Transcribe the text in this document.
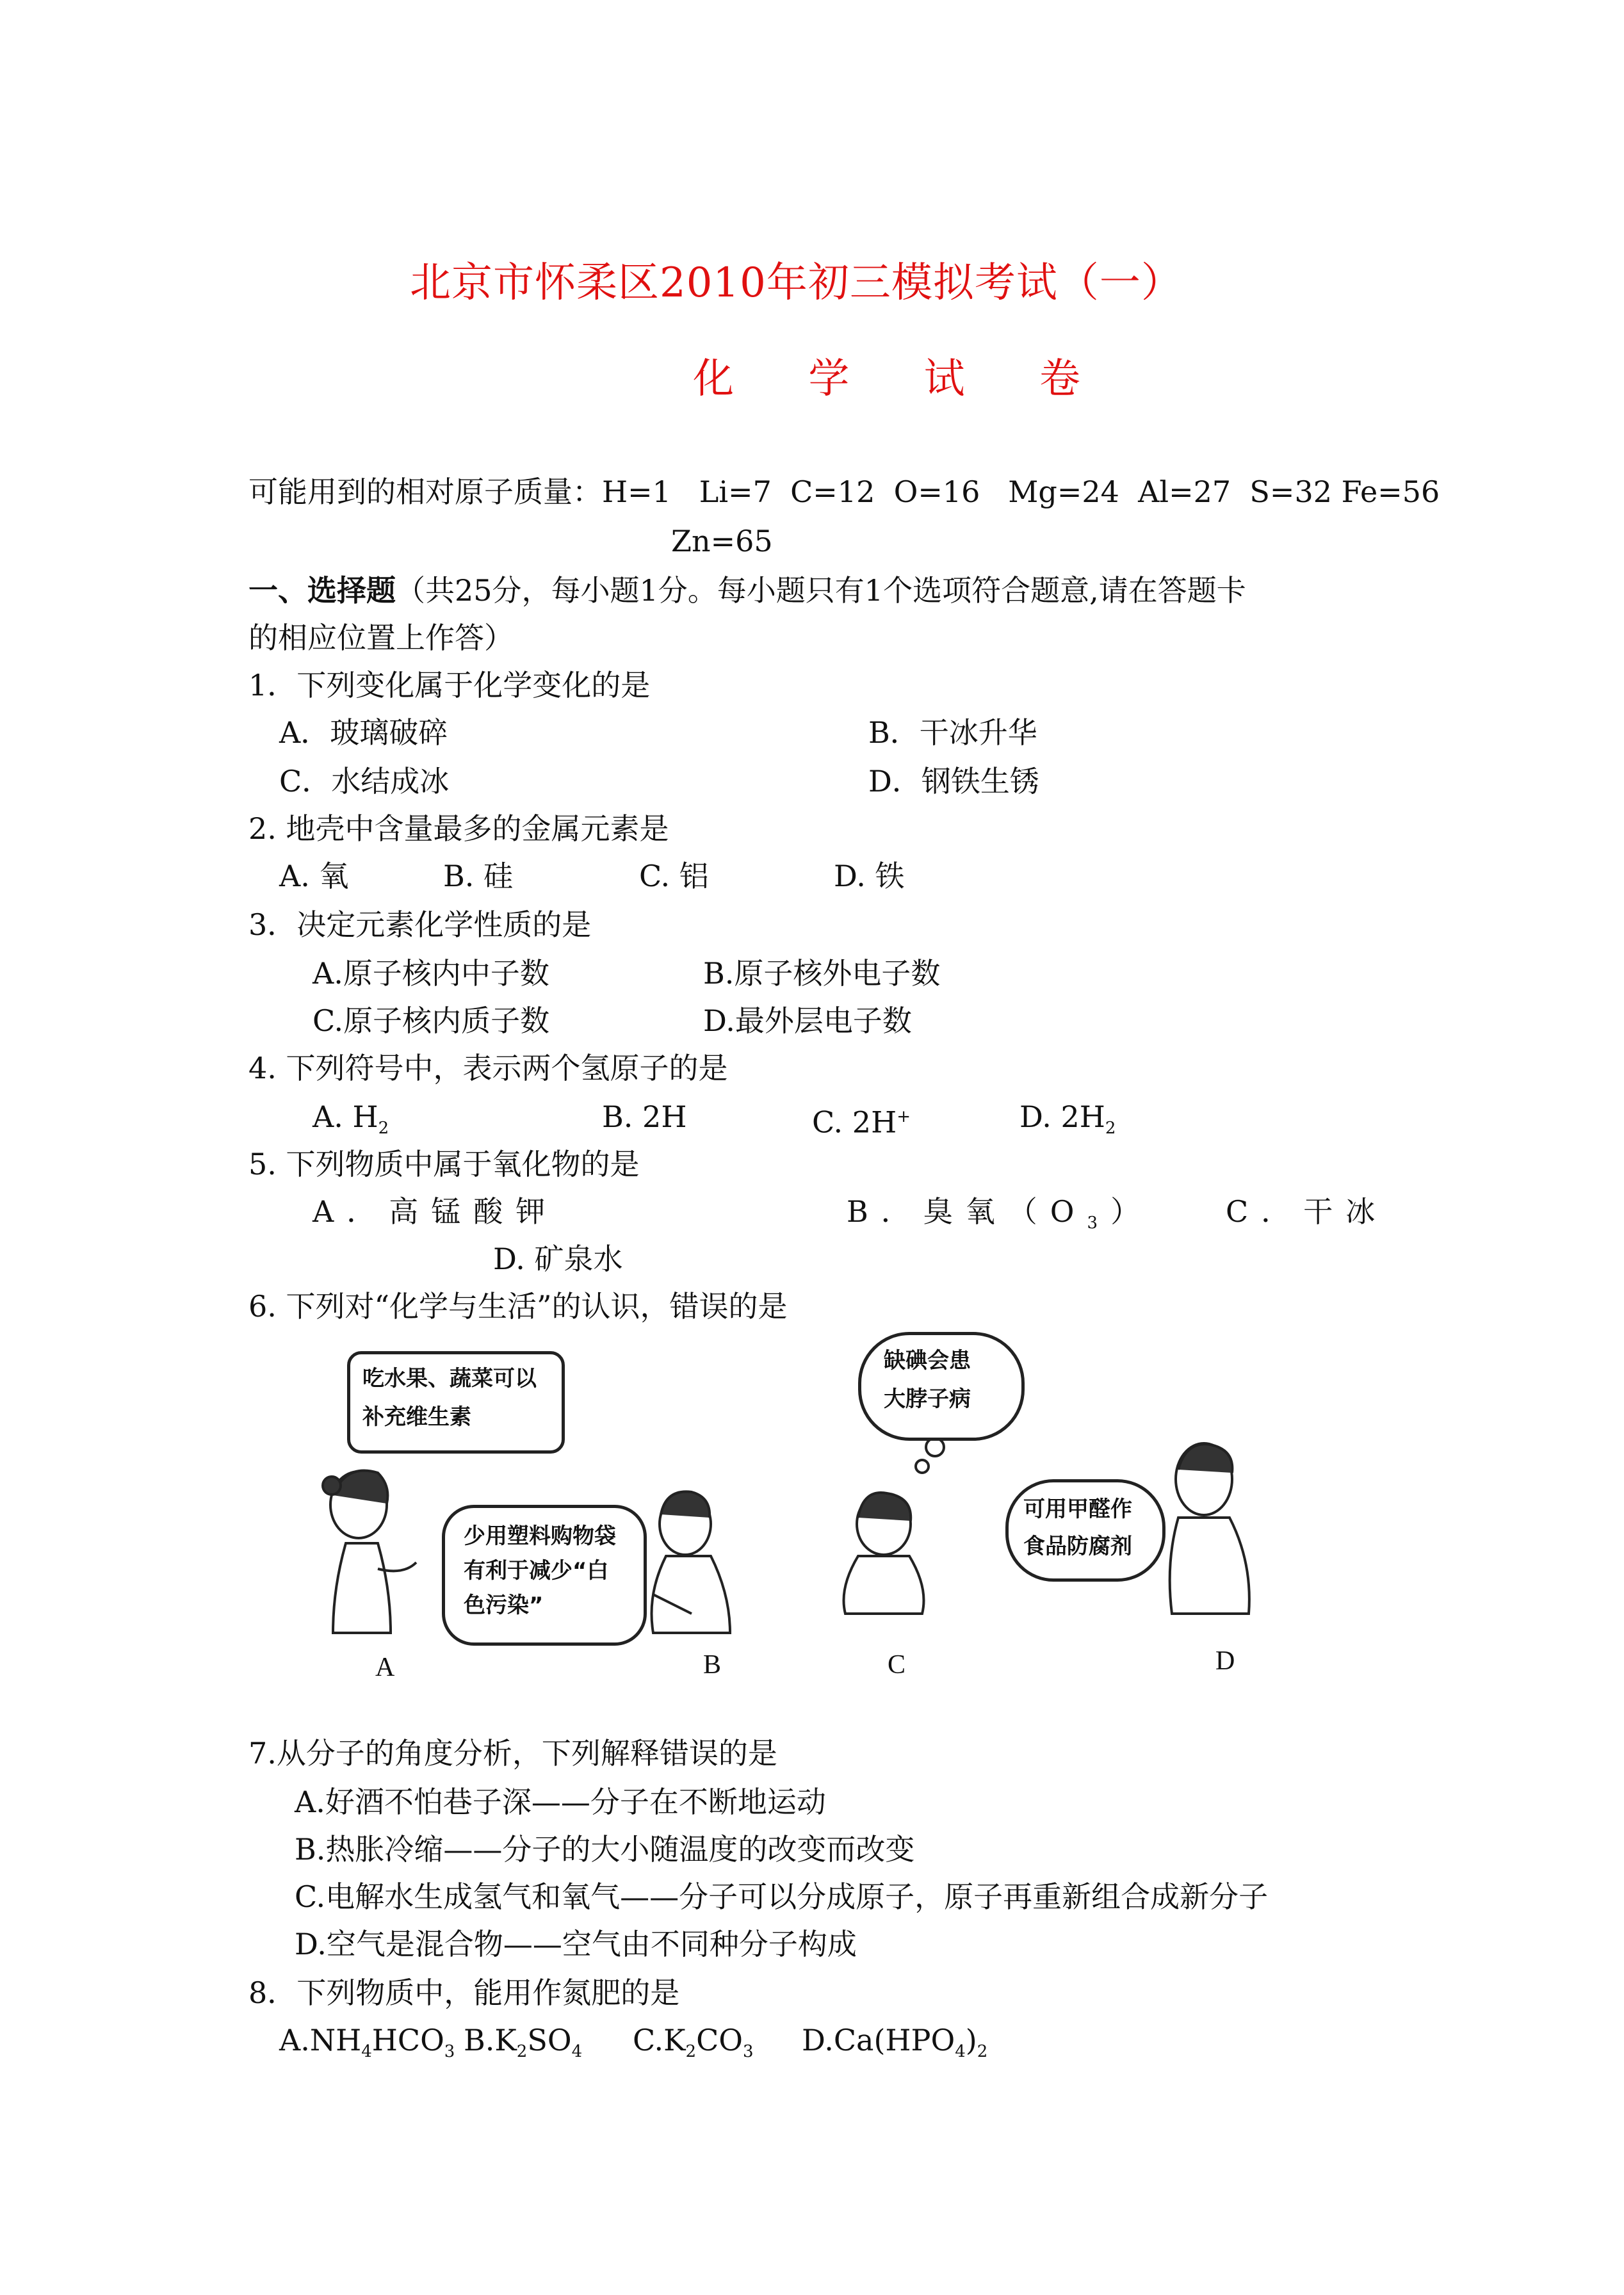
北京市怀柔区2010年初三模拟考试（一）
化 学 试 卷
可能用到的相对原子质量：H=1   Li=7  C=12  O=16   Mg=24  Al=27  S=32 Fe=56
Zn=65
一、选择题（共25分，每小题1分。每小题只有1个选项符合题意,请在答题卡
的相应位置上作答）
1．下列变化属于化学变化的是
A．玻璃破碎	B．干冰升华
C．水结成冰	D．钢铁生锈
2. 地壳中含量最多的金属元素是
A. 氧	B. 硅	C. 铝	D. 铁
3．决定元素化学性质的是
A.原子核内中子数	B.原子核外电子数
C.原子核内质子数	D.最外层电子数
4. 下列符号中，表示两个氢原子的是
A. $H_2$	B. 2H	C. 2H+	D. $2H_2$
5. 下列物质中属于氧化物的是
A．高锰酸钾	B．臭氧$(O_3)$ C．干冰
D. 矿泉水
6. 下列对“化学与生活”的认识，错误的是
吃水果、蔬菜可以
补充维生素
少用塑料购物袋
有利于减少“白
色污染”
缺碘会患
大脖子病
可用甲醛作
食品防腐剂
A	B	C	D
7.从分子的角度分析，下列解释错误的是
A.好酒不怕巷子深——分子在不断地运动
B.热胀冷缩——分子的大小随温度的改变而改变
C.电解水生成氢气和氧气——分子可以分成原子，原子再重新组合成新分子
D.空气是混合物——空气由不同种分子构成
8．下列物质中，能用作氮肥的是
$A.NH_4HCO_3$ $B.K_2SO_4$ $C.K_2CO_3$ $D.Ca(HPO_4)_2$
